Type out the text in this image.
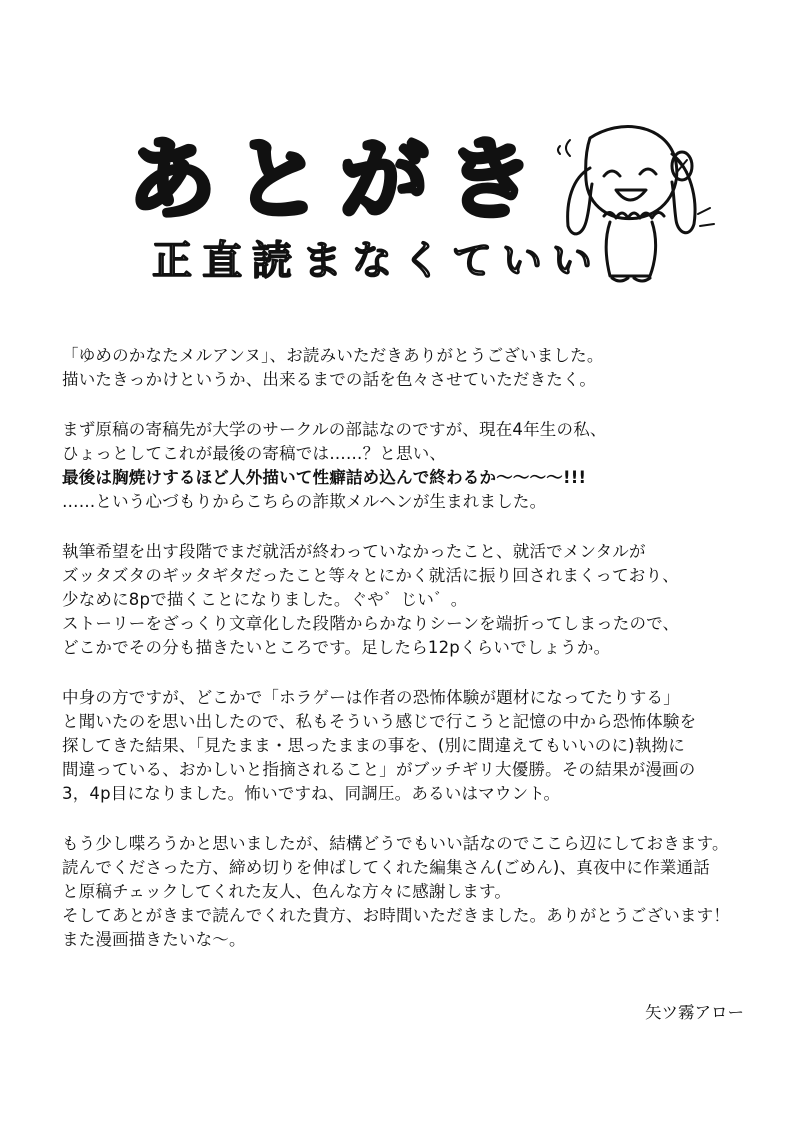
あとがき
正直読まなくていい
「ゆめのかなたメルアンヌ」、お読みいただきありがとうございました。
描いたきっかけというか、出来るまでの話を色々させていただきたく。
まず原稿の寄稿先が大学のサークルの部誌なのですが、現在4年生の私、
ひょっとしてこれが最後の寄稿では……？と思い、
最後は胸焼けするほど人外描いて性癖詰め込んで終わるか～～～～!!!
……という心づもりからこちらの詐欺メルヘンが生まれました。
執筆希望を出す段階でまだ就活が終わっていなかったこと、就活でメンタルが
ズッタズタのギッタギタだったこと等々とにかく就活に振り回されまくっており、
少なめに8pで描くことになりました。ぐや゛じい゛。
ストーリーをざっくり文章化した段階からかなりシーンを端折ってしまったので、
どこかでその分も描きたいところです。足したら12pくらいでしょうか。
中身の方ですが、どこかで「ホラゲーは作者の恐怖体験が題材になってたりする」
と聞いたのを思い出したので、私もそういう感じで行こうと記憶の中から恐怖体験を
探してきた結果、「見たまま・思ったままの事を、(別に間違えてもいいのに)執拗に
間違っている、おかしいと指摘されること」がブッチギリ大優勝。その結果が漫画の
3，4p目になりました。怖いですね、同調圧。あるいはマウント。
もう少し喋ろうかと思いましたが、結構どうでもいい話なのでここら辺にしておきます。
読んでくださった方、締め切りを伸ばしてくれた編集さん(ごめん)、真夜中に作業通話
と原稿チェックしてくれた友人、色んな方々に感謝します。
そしてあとがきまで読んでくれた貴方、お時間いただきました。ありがとうございます！
また漫画描きたいな～。
矢ツ霧アロー
